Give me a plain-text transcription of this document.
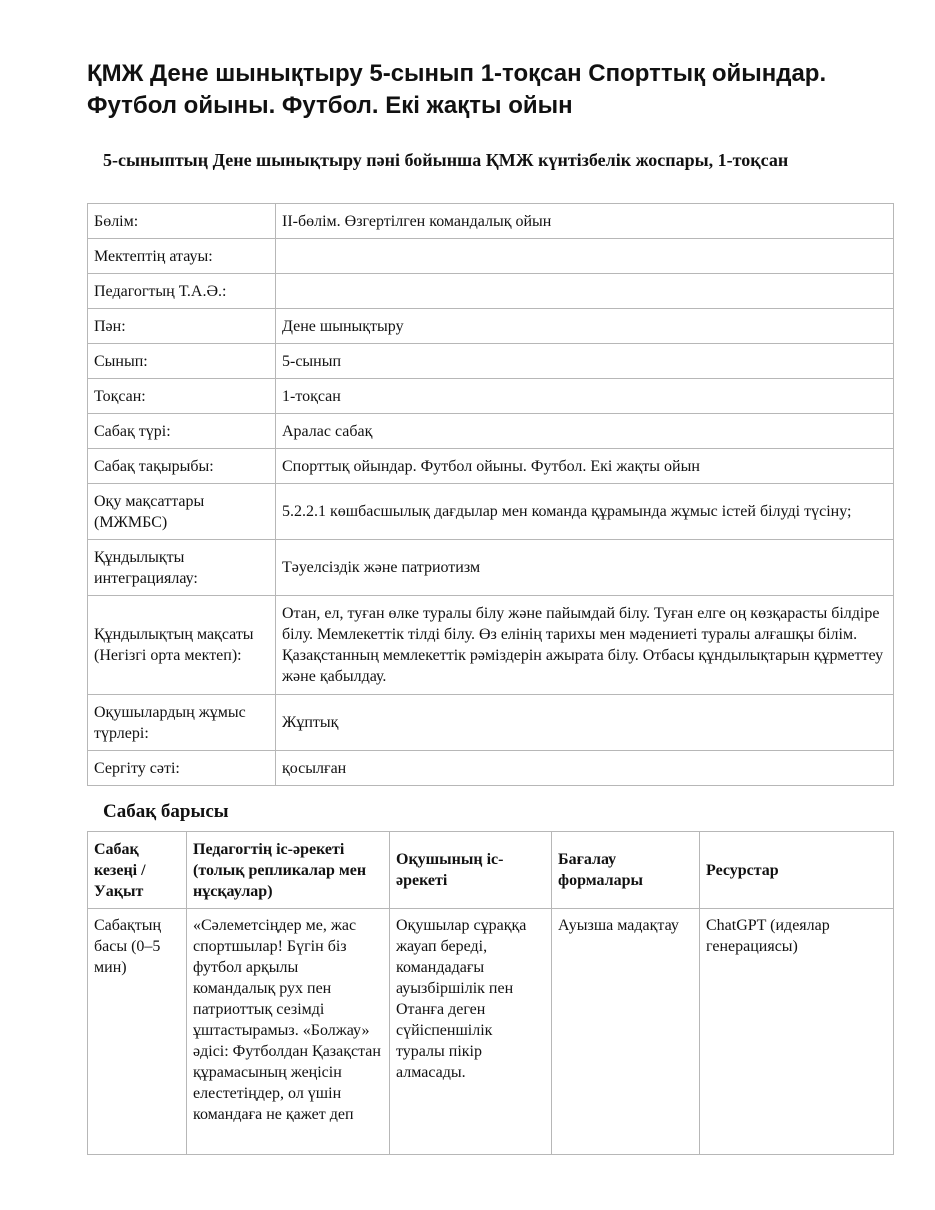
ҚМЖ Дене шынықтыру 5-сынып 1-тоқсан Спорттық ойындар. Футбол ойыны. Футбол. Екі жақты ойын
5-сыныптың Дене шынықтыру пәні бойынша ҚМЖ күнтізбелік жоспары, 1-тоқсан
Бөлім:	II-бөлім. Өзгертілген командалық ойын
Мектептің атауы:	
Педагогтың Т.А.Ә.:	
Пән:	Дене шынықтыру
Сынып:	5-сынып
Тоқсан:	1-тоқсан
Сабақ түрі:	Аралас сабақ
Сабақ тақырыбы:	Спорттық ойындар. Футбол ойыны. Футбол. Екі жақты ойын
Оқу мақсаттары (МЖМБС)	5.2.2.1 көшбасшылық дағдылар мен команда құрамында жұмыс істей білуді түсіну;
Құндылықты интеграциялау:	Тәуелсіздік және патриотизм
Құндылықтың мақсаты (Негізгі орта мектеп):	Отан, ел, туған өлке туралы білу және пайымдай білу. Туған елге оң көзқарасты білдіре білу. Мемлекеттік тілді білу. Өз елінің тарихы мен мәдениеті туралы алғашқы білім. Қазақстанның мемлекеттік рәміздерін ажырата білу. Отбасы құндылықтарын құрметтеу және қабылдау.
Оқушылардың жұмыс түрлері:	Жұптық
Сергіту сәті:	қосылған
Сабақ барысы
Сабақ кезеңі / Уақыт	Педагогтің іс-әрекеті (толық репликалар мен нұсқаулар)	Оқушының іс-әрекеті	Бағалау формалары	Ресурстар
Сабақтың басы (0–5 мин)	«Сәлеметсіңдер ме, жас спортшылар! Бүгін біз футбол арқылы командалық рух пен патриоттық сезімді ұштастырамыз. «Болжау» әдісі: Футболдан Қазақстан құрамасының жеңісін елестетіңдер, ол үшін командаға не қажет деп	Оқушылар сұраққа жауап береді, командадағы ауызбіршілік пен Отанға деген сүйіспеншілік туралы пікір алмасады.	Ауызша мадақтау	ChatGPT (идеялар генерациясы)
